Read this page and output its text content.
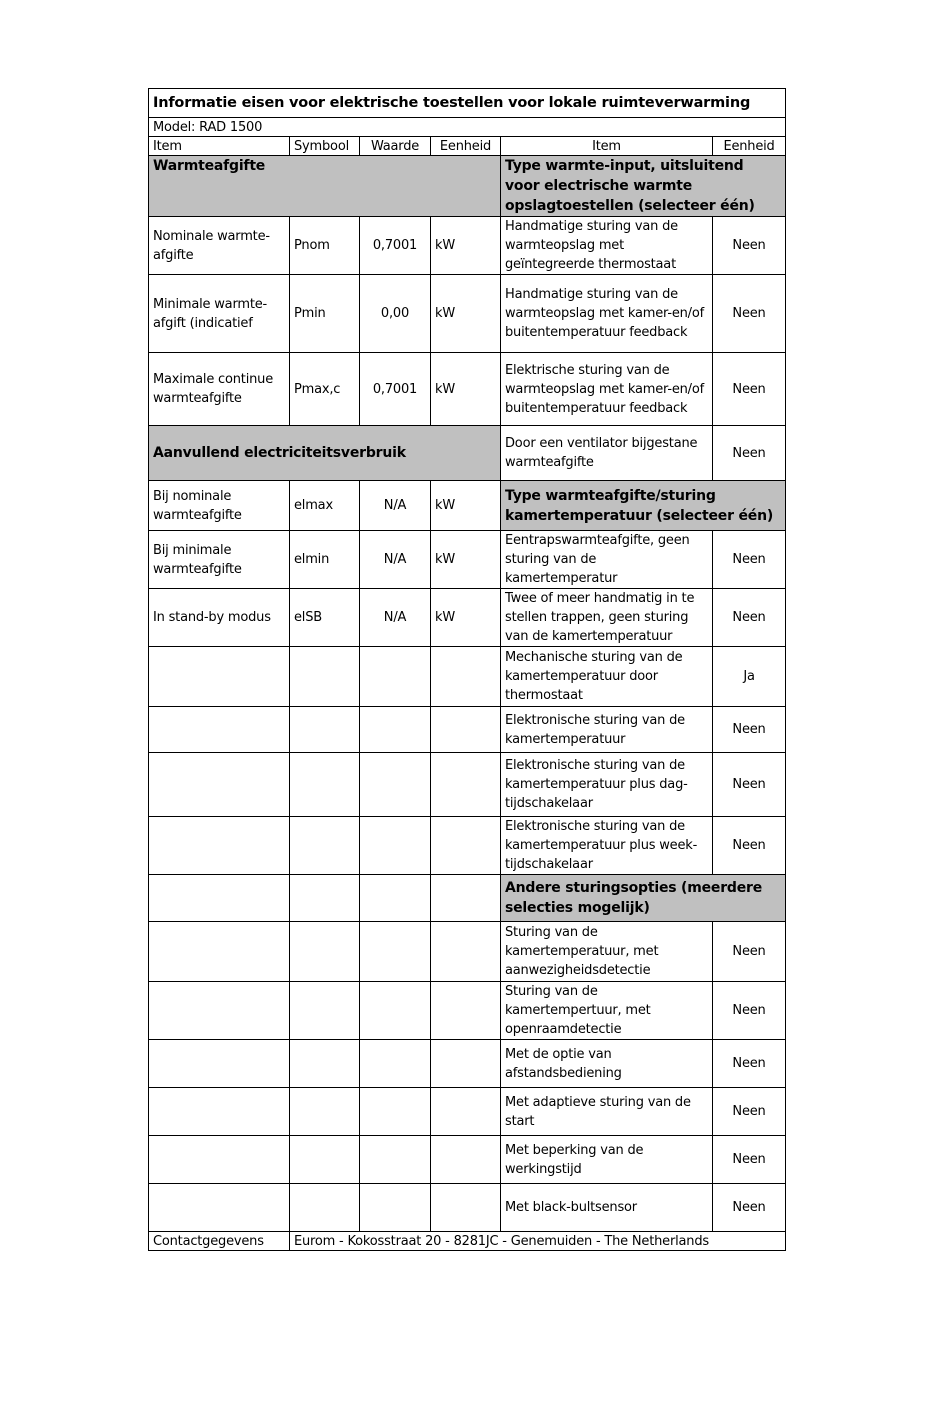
Informatie eisen voor elektrische toestellen voor lokale ruimteverwarming					
Model: RAD 1500					
Item	Symbool	Waarde	Eenheid	Item	Eenheid
Warmteafgifte				Type warmte-input, uitsluitend voor electrische warmte opslagtoestellen (selecteer één)	
Nominale warmte-afgifte	Pnom	0,7001	kW	Handmatige sturing van de warmteopslag met geïntegreerde thermostaat	Neen
Minimale warmte-afgift (indicatief	Pmin	0,00	kW	Handmatige sturing van de warmteopslag met kamer-en/of buitentemperatuur feedback	Neen
Maximale continue warmteafgifte	Pmax,c	0,7001	kW	Elektrische sturing van de warmteopslag met kamer-en/of buitentemperatuur feedback	Neen
Aanvullend electriciteitsverbruik				Door een ventilator bijgestane warmteafgifte	Neen
Bij nominale warmteafgifte	elmax	N/A	kW	Type warmteafgifte/sturing kamertemperatuur (selecteer één)	
Bij minimale warmteafgifte	elmin	N/A	kW	Eentrapswarmteafgifte, geen sturing van de kamertemperatur	Neen
In stand-by modus	elSB	N/A	kW	Twee of meer handmatig in te stellen trappen, geen sturing van de kamertemperatuur	Neen
				Mechanische sturing van de kamertemperatuur door thermostaat	Ja
				Elektronische sturing van de kamertemperatuur	Neen
				Elektronische sturing van de kamertemperatuur plus dag-tijdschakelaar	Neen
				Elektronische sturing van de kamertemperatuur plus week-tijdschakelaar	Neen
				Andere sturingsopties (meerdere selecties mogelijk)	
				Sturing van de kamertemperatuur, met aanwezigheidsdetectie	Neen
				Sturing van de kamertempertuur, met openraamdetectie	Neen
				Met de optie van afstandsbediening	Neen
				Met adaptieve sturing van de start	Neen
				Met beperking van de werkingstijd	Neen
				Met black-bultsensor	Neen
Contactgegevens	Eurom - Kokosstraat 20 - 8281JC - Genemuiden - The Netherlands				
